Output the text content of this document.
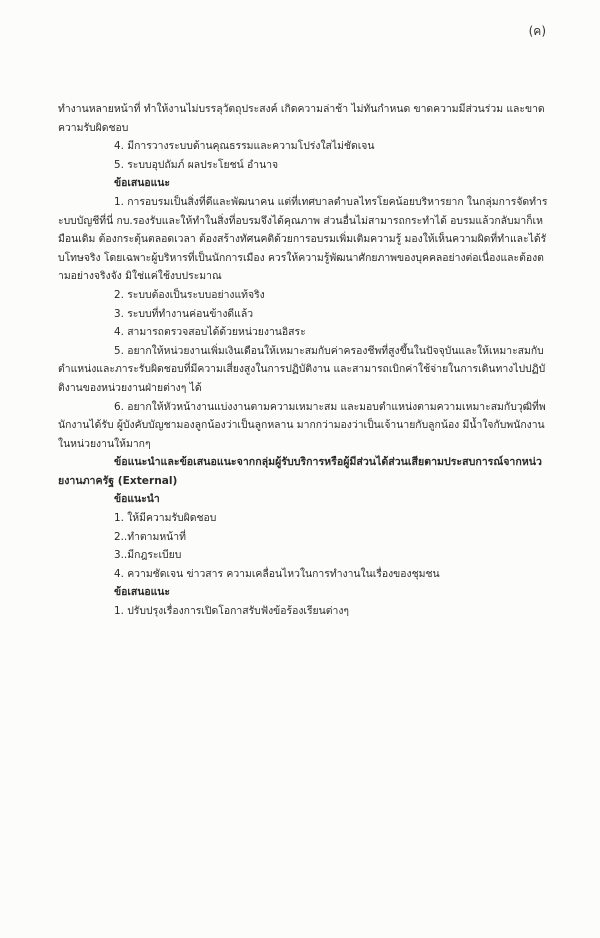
(ค)

ทำงานหลายหน้าที่ ทำให้งานไม่บรรลุวัตถุประสงค์ เกิดความล่าช้า ไม่ทันกำหนด ขาดความมีส่วนร่วม และขาดความรับผิดชอบ

4. มีการวางระบบด้านคุณธรรมและความโปร่งใสไม่ชัดเจน

5. ระบบอุปถัมภ์ ผลประโยชน์ อำนาจ

ข้อเสนอแนะ

1. การอบรมเป็นสิ่งที่ดีและพัฒนาคน แต่ที่เทศบาลตำบลไทรโยคน้อยบริหารยาก ในกลุ่มการจัดทำระบบบัญชีที่นี่ กบ.รองรับและให้ทำในสิ่งที่อบรมจึงได้คุณภาพ ส่วนอื่นไม่สามารถกระทำได้ อบรมแล้วกลับมาก็เหมือนเดิม ต้องกระตุ้นตลอดเวลา ต้องสร้างทัศนคติด้วยการอบรมเพิ่มเติมความรู้ มองให้เห็นความผิดที่ทำและได้รับโทษจริง โดยเฉพาะผู้บริหารที่เป็นนักการเมือง ควรให้ความรู้พัฒนาศักยภาพของบุคคลอย่างต่อเนื่องและต้องตามอย่างจริงจัง มิใช่แค่ใช้งบประมาณ

2. ระบบต้องเป็นระบบอย่างแท้จริง

3. ระบบที่ทำงานค่อนข้างดีแล้ว

4. สามารถตรวจสอบได้ด้วยหน่วยงานอิสระ

5. อยากให้หน่วยงานเพิ่มเงินเดือนให้เหมาะสมกับค่าครองชีพที่สูงขึ้นในปัจจุบันและให้เหมาะสมกับตำแหน่งและภาระรับผิดชอบที่มีความเสี่ยงสูงในการปฏิบัติงาน และสามารถเบิกค่าใช้จ่ายในการเดินทางไปปฏิบัติงานของหน่วยงานฝ่ายต่างๆ ได้

6. อยากให้หัวหน้างานแบ่งงานตามความเหมาะสม และมอบตำแหน่งตามความเหมาะสมกับวุฒิที่พนักงานได้รับ ผู้บังคับบัญชามองลูกน้องว่าเป็นลูกหลาน มากกว่ามองว่าเป็นเจ้านายกับลูกน้อง มีน้ำใจกับพนักงานในหน่วยงานให้มากๆ

ข้อแนะนำและข้อเสนอแนะจากกลุ่มผู้รับบริการหรือผู้มีส่วนได้ส่วนเสียตามประสบการณ์จากหน่วยงานภาครัฐ (External)

ข้อแนะนำ

1. ให้มีความรับผิดชอบ

2..ทำตามหน้าที่

3..มีกฎระเบียบ

4. ความชัดเจน ข่าวสาร ความเคลื่อนไหวในการทำงานในเรื่องของชุมชน

ข้อเสนอแนะ

1. ปรับปรุงเรื่องการเปิดโอกาสรับฟังข้อร้องเรียนต่างๆ
